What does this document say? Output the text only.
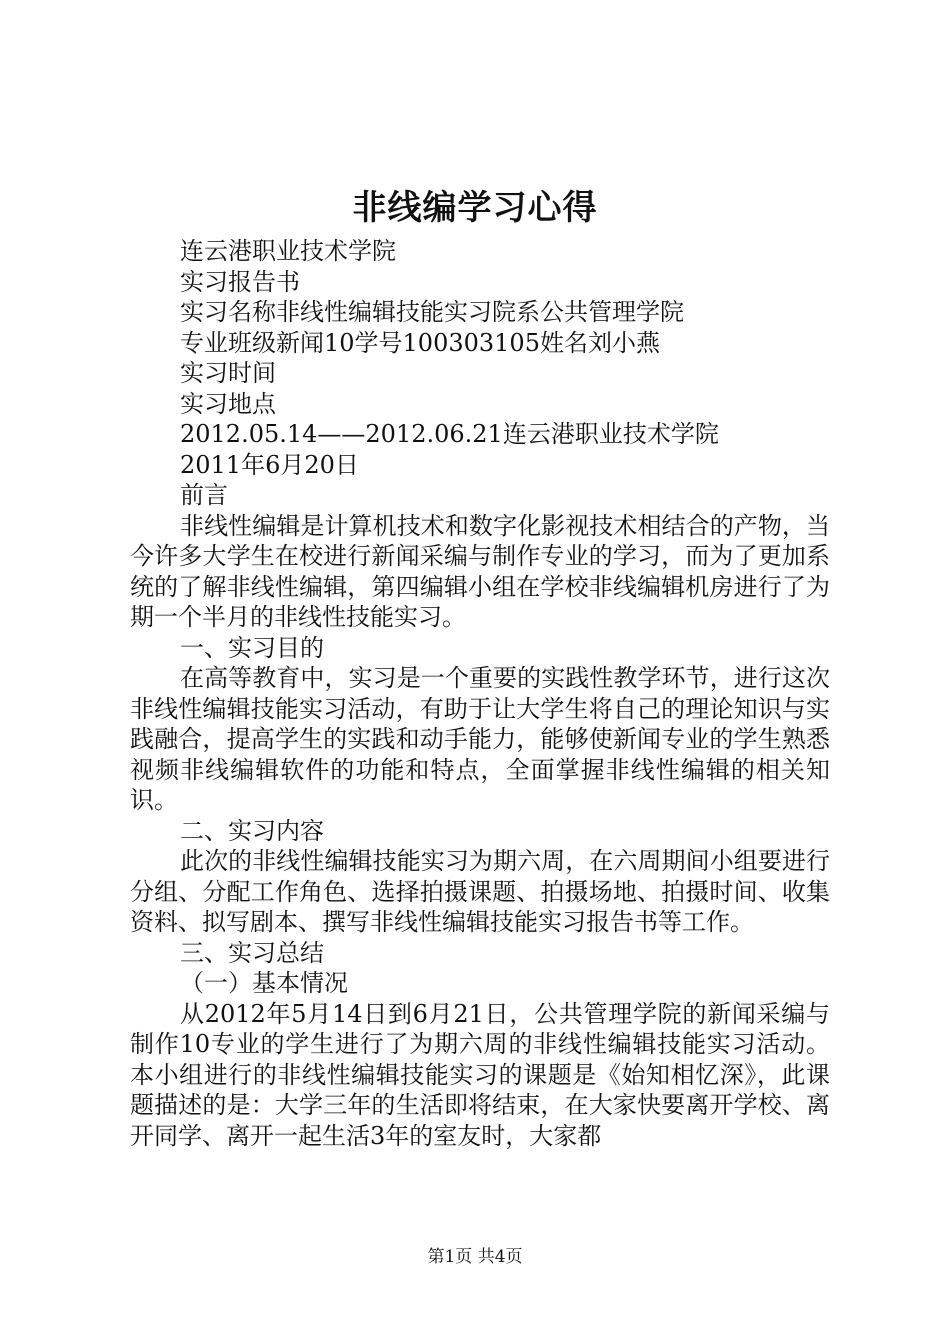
非线编学习心得
连云港职业技术学院
实习报告书
实习名称非线性编辑技能实习院系公共管理学院
专业班级新闻10学号100303105姓名刘小燕
实习时间
实习地点
2012.05.14——2012.06.21连云港职业技术学院
2011年6月20日
前言
非线性编辑是计算机技术和数字化影视技术相结合的产物，当今许多大学生在校进行新闻采编与制作专业的学习，而为了更加系统的了解非线性编辑，第四编辑小组在学校非线编辑机房进行了为期一个半月的非线性技能实习。
一、实习目的
在高等教育中，实习是一个重要的实践性教学环节，进行这次非线性编辑技能实习活动，有助于让大学生将自己的理论知识与实践融合，提高学生的实践和动手能力，能够使新闻专业的学生熟悉视频非线编辑软件的功能和特点，全面掌握非线性编辑的相关知识。
二、实习内容
此次的非线性编辑技能实习为期六周，在六周期间小组要进行分组、分配工作角色、选择拍摄课题、拍摄场地、拍摄时间、收集资料、拟写剧本、撰写非线性编辑技能实习报告书等工作。
三、实习总结
（一）基本情况
从2012年5月14日到6月21日，公共管理学院的新闻采编与制作10专业的学生进行了为期六周的非线性编辑技能实习活动。本小组进行的非线性编辑技能实习的课题是《始知相忆深》，此课题描述的是：大学三年的生活即将结束，在大家快要离开学校、离开同学、离开一起生活3年的室友时，大家都
第1页 共4页
